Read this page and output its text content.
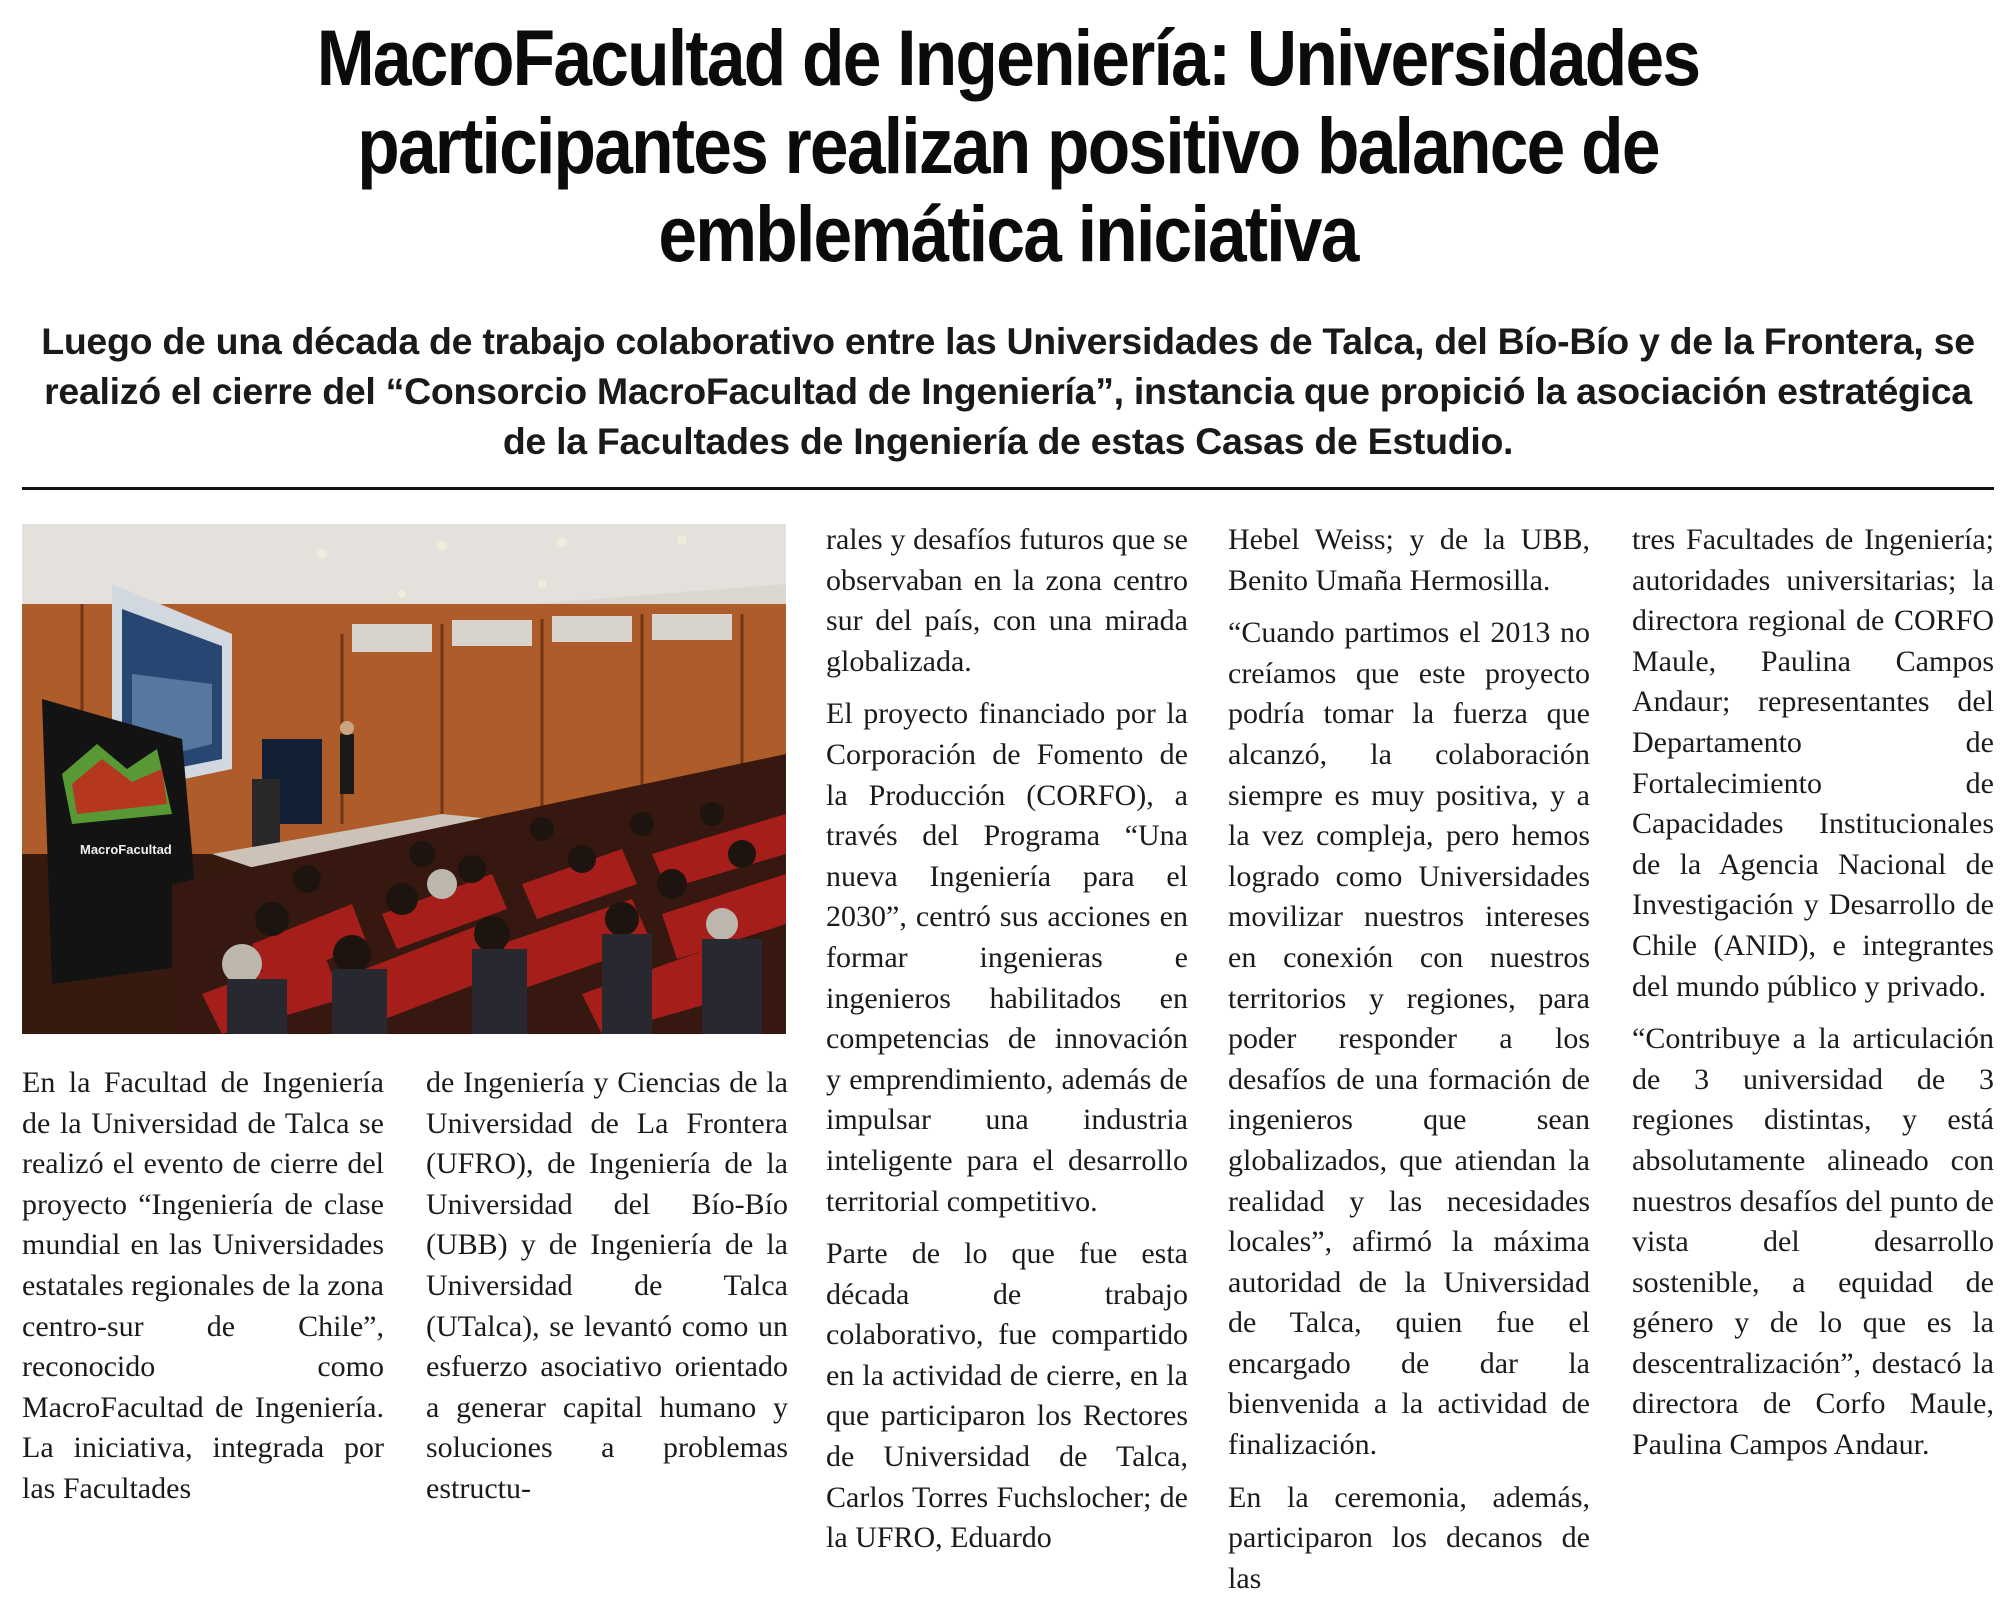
MacroFacultad de Ingeniería: Universidades participantes realizan positivo balance de emblemática iniciativa

Luego de una década de trabajo colaborativo entre las Universidades de Talca, del Bío-Bío y de la Frontera, se realizó el cierre del “Consorcio MacroFacultad de Ingeniería”, instancia que propició la asociación estratégica de la Facultades de Ingeniería de estas Casas de Estudio.

MacroFacultad

En la Facultad de Ingeniería de la Universidad de Talca se realizó el evento de cierre del proyecto “Ingeniería de clase mundial en las Universidades estatales regionales de la zona centro-sur de Chile”, reconocido como MacroFacultad de Ingeniería. La iniciativa, integrada por las Facultades

de Ingeniería y Ciencias de la Universidad de La Frontera (UFRO), de Ingeniería de la Universidad del Bío-Bío (UBB) y de Ingeniería de la Universidad de Talca (UTalca), se levantó como un esfuerzo asociativo orientado a generar capital humano y soluciones a problemas estructu-

rales y desafíos futuros que se observaban en la zona centro sur del país, con una mirada globalizada.

El proyecto financiado por la Corporación de Fomento de la Producción (CORFO), a través del Programa “Una nueva Ingeniería para el 2030”, centró sus acciones en formar ingenieras e ingenieros habilitados en competencias de innovación y emprendimiento, además de impulsar una industria inteligente para el desarrollo territorial competitivo.

Parte de lo que fue esta década de trabajo colaborativo, fue compartido en la actividad de cierre, en la que participaron los Rectores de Universidad de Talca, Carlos Torres Fuchslocher; de la UFRO, Eduardo

Hebel Weiss; y de la UBB, Benito Umaña Hermosilla.

“Cuando partimos el 2013 no creíamos que este proyecto podría tomar la fuerza que alcanzó, la colaboración siempre es muy positiva, y a la vez compleja, pero hemos logrado como Universidades movilizar nuestros intereses en conexión con nuestros territorios y regiones, para poder responder a los desafíos de una formación de ingenieros que sean globalizados, que atiendan la realidad y las necesidades locales”, afirmó la máxima autoridad de la Universidad de Talca, quien fue el encargado de dar la bienvenida a la actividad de finalización.

En la ceremonia, además, participaron los decanos de las

tres Facultades de Ingeniería; autoridades universitarias; la directora regional de CORFO Maule, Paulina Campos Andaur; representantes del Departamento de Fortalecimiento de Capacidades Institucionales de la Agencia Nacional de Investigación y Desarrollo de Chile (ANID), e integrantes del mundo público y privado.

“Contribuye a la articulación de 3 universidad de 3 regiones distintas, y está absolutamente alineado con nuestros desafíos del punto de vista del desarrollo sostenible, a equidad de género y de lo que es la descentralización”, destacó la directora de Corfo Maule, Paulina Campos Andaur.
